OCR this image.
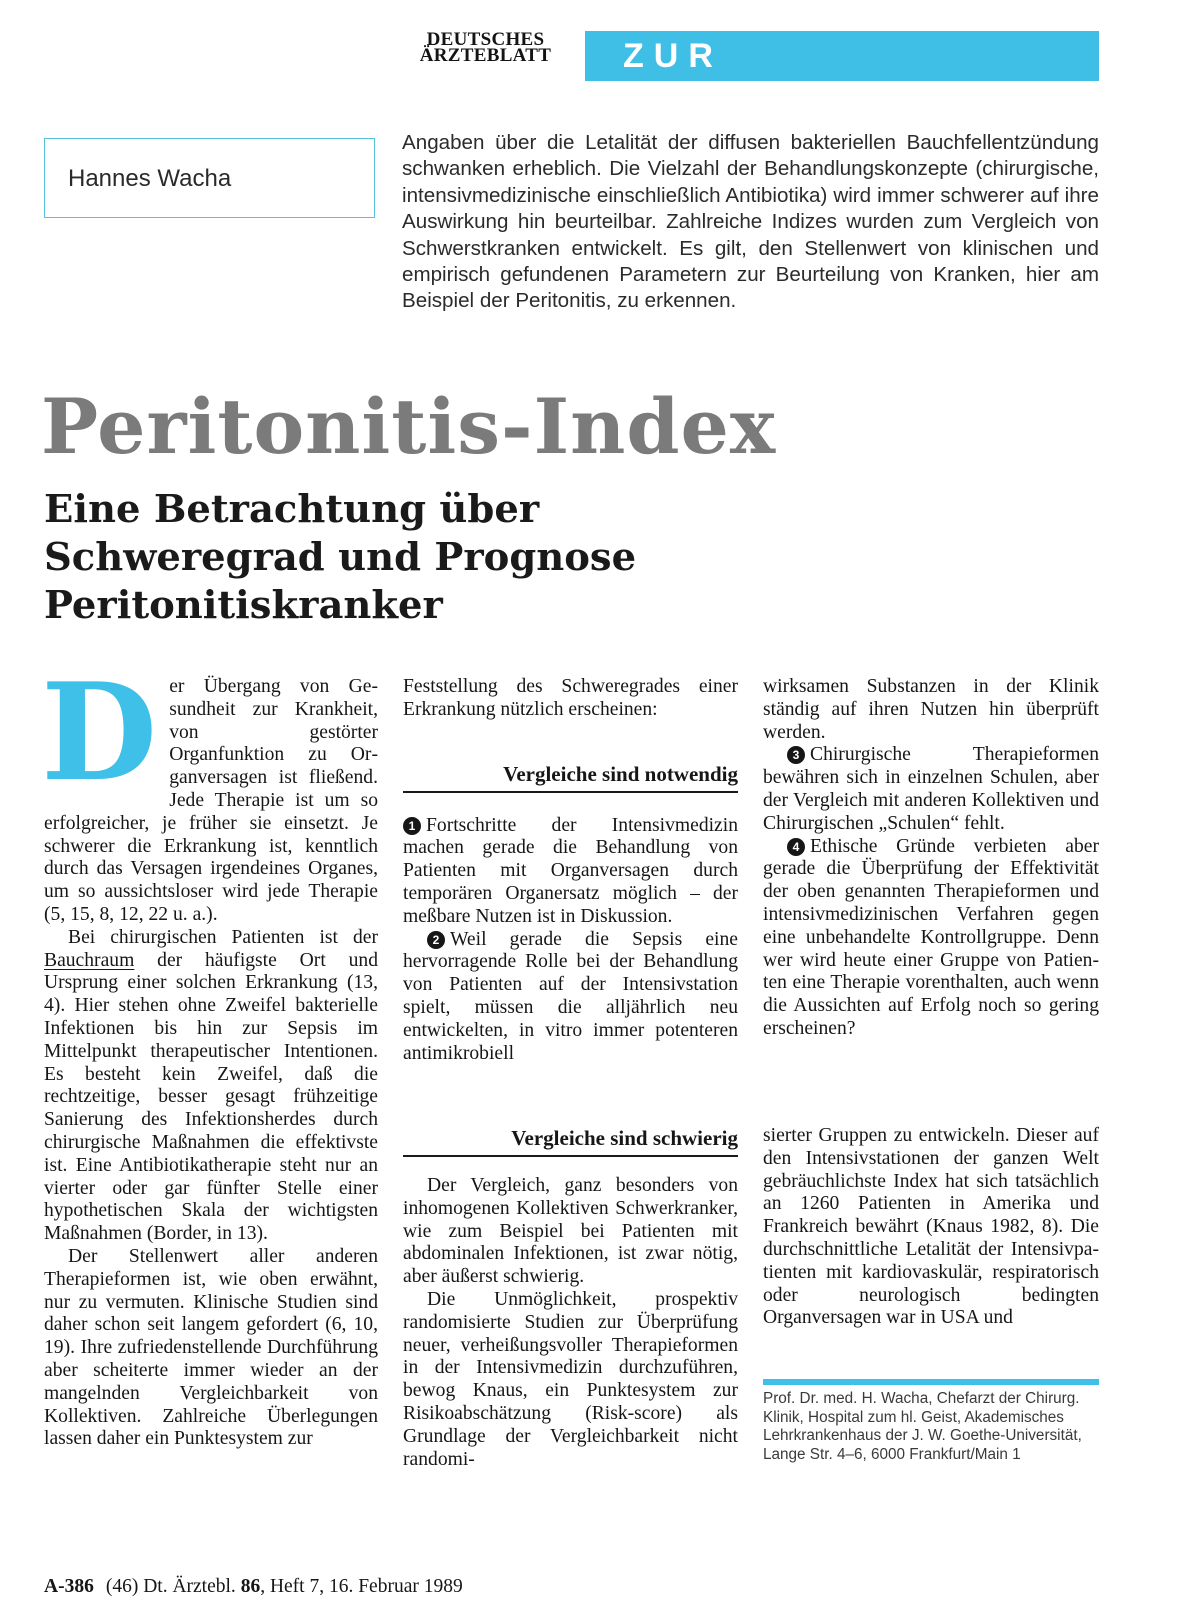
DEUTSCHES
ÄRZTEBLATT	ZUR FORTBILDUNG
Hannes Wacha
Angaben über die Letalität der diffusen bakteriellen Bauchfellentzündung schwanken erheblich. Die Vielzahl der Behandlungskonzepte (chirurgische, intensivmedizinische einschließlich Antibiotika) wird immer schwerer auf ihre Auswirkung hin beurteilbar. Zahlreiche Indizes wurden zum Vergleich von Schwerstkranken entwickelt. Es gilt, den Stellenwert von klinischen und empirisch gefundenen Parametern zur Beurteilung von Kranken, hier am Beispiel der Peritonitis, zu erkennen.
Peritonitis-Index
Eine Betrachtung über Schweregrad und Prognose Peritonitiskranker

Der Übergang von Gesundheit zur Krankheit, von gestörter Organfunktion zu Organversagen ist fließend. Jede Therapie ist um so erfolgreicher, je früher sie einsetzt. Je schwerer die Erkrankung ist, kenntlich durch das Versagen irgendeines Organes, um so aussichtsloser wird jede Therapie (5, 15, 8, 12, 22 u. a.).

Bei chirurgischen Patienten ist der Bauchraum der häufigste Ort und Ursprung einer solchen Erkrankung (13, 4). Hier stehen ohne Zweifel bakterielle Infektionen bis hin zur Sepsis im Mittelpunkt therapeutischer Intentionen. Es besteht kein Zweifel, daß die rechtzeitige, besser gesagt frühzeitige Sanierung des Infektionsherdes durch chirurgische Maßnahmen die effektivste ist. Eine Antibiotikatherapie steht nur an vierter oder gar fünfter Stelle einer hypothetischen Skala der wichtigsten Maßnahmen (Border, in 13).

Der Stellenwert aller anderen Therapieformen ist, wie oben erwähnt, nur zu vermuten. Klinische Studien sind daher schon seit langem gefordert (6, 10, 19). Ihre zufriedenstellende Durchführung aber scheiterte immer wieder an der mangelnden Vergleichbarkeit von Kollektiven. Zahlreiche Überlegungen lassen daher ein Punktesystem zur

Feststellung des Schweregrades einer Erkrankung nützlich erscheinen:

Vergleiche sind notwendig

1 Fortschritte der Intensivmedizin machen gerade die Behandlung von Patienten mit Organversagen durch temporären Organersatz möglich – der meßbare Nutzen ist in Diskussion.

2 Weil gerade die Sepsis eine hervorragende Rolle bei der Behandlung von Patienten auf der Intensivstation spielt, müssen die alljährlich neu entwickelten, in vitro immer potenteren antimikrobiell

wirksamen Substanzen in der Klinik ständig auf ihren Nutzen hin überprüft werden.

3 Chirurgische Therapieformen bewähren sich in einzelnen Schulen, aber der Vergleich mit anderen Kollektiven und Chirurgischen „Schulen“ fehlt.

4 Ethische Gründe verbieten aber gerade die Überprüfung der Effektivität der oben genannten Therapieformen und intensivmedizinischen Verfahren gegen eine unbehandelte Kontrollgruppe. Denn wer wird heute einer Gruppe von Patienten eine Therapie vorenthalten, auch wenn die Aussichten auf Erfolg noch so gering erscheinen?

Vergleiche sind schwierig

Der Vergleich, ganz besonders von inhomogenen Kollektiven Schwerkranker, wie zum Beispiel bei Patienten mit abdominalen Infektionen, ist zwar nötig, aber äußerst schwierig.

Die Unmöglichkeit, prospektiv randomisierte Studien zur Überprüfung neuer, verheißungsvoller Therapieformen in der Intensivmedizin durchzuführen, bewog Knaus, ein Punktesystem zur Risikoabschätzung (Risk-score) als Grundlage der Vergleichbarkeit nicht randomi-

sierter Gruppen zu entwickeln. Dieser auf den Intensivstationen der ganzen Welt gebräuchlichste Index hat sich tatsächlich an 1260 Patienten in Amerika und Frankreich bewährt (Knaus 1982, 8). Die durchschnittliche Letalität der Intensivpatienten mit kardiovaskulär, respiratorisch oder neurologisch bedingten Organversagen war in USA und

Prof. Dr. med. H. Wacha, Chefarzt der Chirurg. Klinik, Hospital zum hl. Geist, Akademisches Lehrkrankenhaus der J. W. Goethe-Universität, Lange Str. 4–6, 6000 Frankfurt/Main 1
A-386 (46) Dt. Ärztebl. 86, Heft 7, 16. Februar 1989
